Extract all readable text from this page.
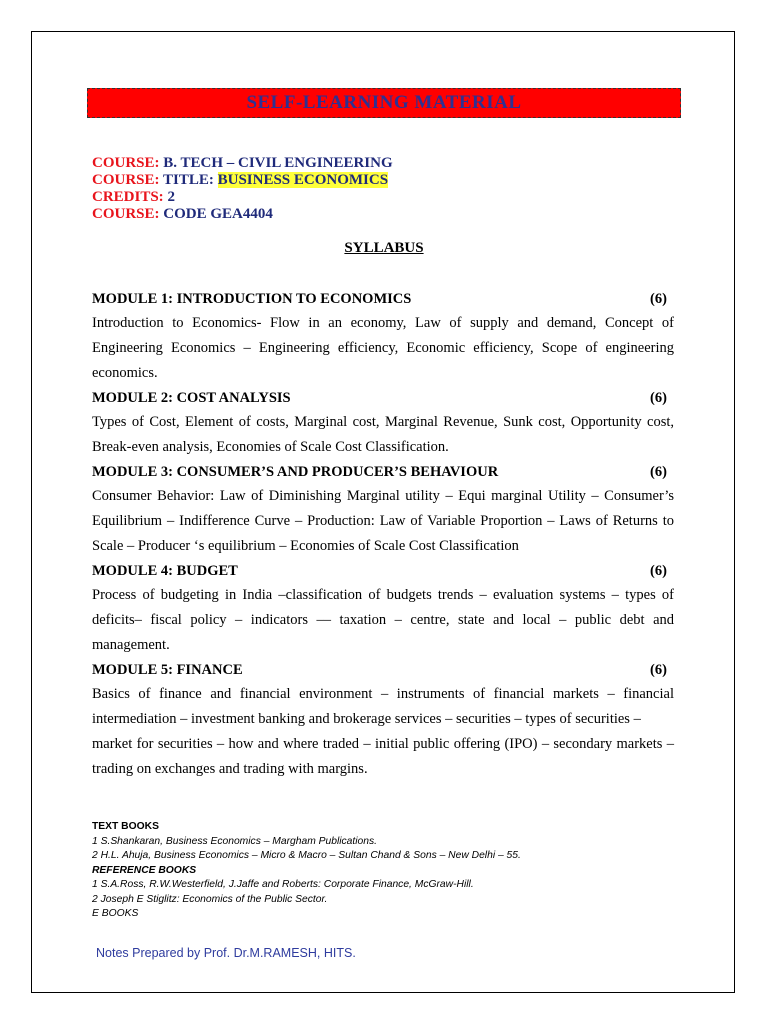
SELF-LEARNING MATERIAL
COURSE: B. TECH – CIVIL ENGINEERING
COURSE: TITLE: BUSINESS ECONOMICS
CREDITS: 2
COURSE: CODE GEA4404
SYLLABUS
MODULE 1: INTRODUCTION TO ECONOMICS	(6)
Introduction to Economics- Flow in an economy, Law of supply and demand, Concept of Engineering Economics – Engineering efficiency, Economic efficiency, Scope of engineering economics.
MODULE 2: COST ANALYSIS	(6)
Types of Cost, Element of costs, Marginal cost, Marginal Revenue, Sunk cost, Opportunity cost, Break-even analysis, Economies of Scale Cost Classification.
MODULE 3: CONSUMER’S AND PRODUCER’S BEHAVIOUR	(6)
Consumer Behavior: Law of Diminishing Marginal utility – Equi marginal Utility – Consumer’s Equilibrium – Indifference Curve – Production: Law of Variable Proportion – Laws of Returns to Scale – Producer ‘s equilibrium – Economies of Scale Cost Classification
MODULE 4: BUDGET	(6)
Process of budgeting in India –classification of budgets trends – evaluation systems – types of deficits– fiscal policy – indicators –– taxation – centre, state and local – public debt and management.
MODULE 5: FINANCE	(6)
Basics of finance and financial environment – instruments of financial markets – financial intermediation – investment banking and brokerage services – securities – types of securities –
market for securities – how and where traded – initial public offering (IPO) – secondary markets –trading on exchanges and trading with margins.
TEXT BOOKS
1 S.Shankaran, Business Economics – Margham Publications.
2 H.L. Ahuja, Business Economics – Micro & Macro – Sultan Chand & Sons – New Delhi – 55.
REFERENCE BOOKS
1 S.A.Ross, R.W.Westerfield, J.Jaffe and Roberts: Corporate Finance, McGraw-Hill.
2 Joseph E Stiglitz: Economics of the Public Sector.
E BOOKS
Notes Prepared by Prof. Dr.M.RAMESH, HITS.
